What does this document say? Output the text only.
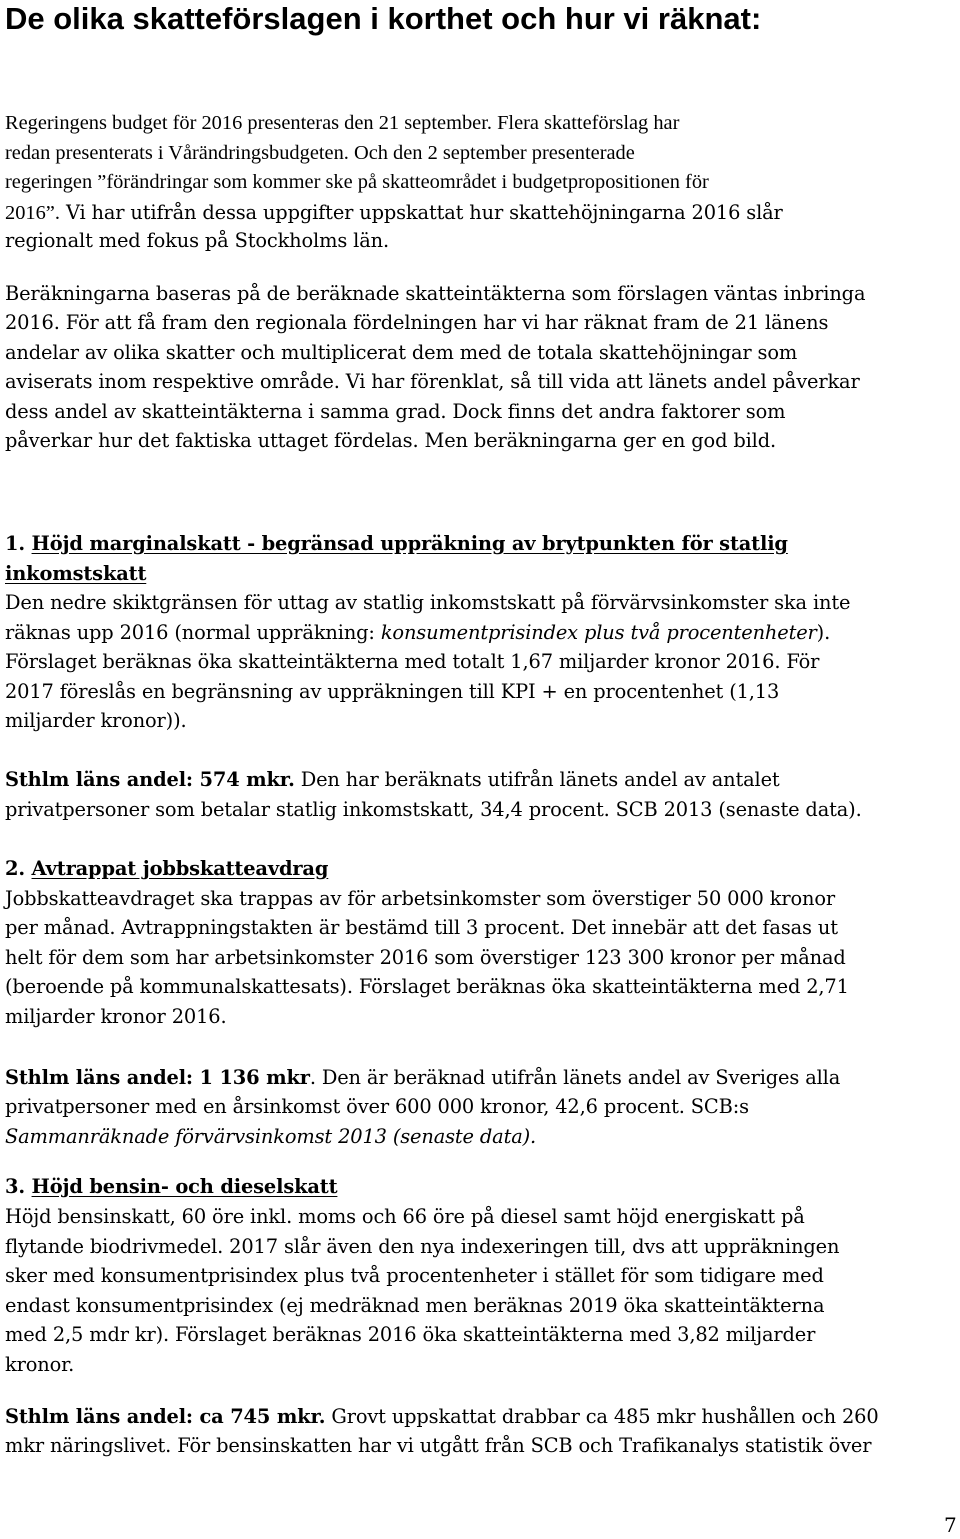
De olika skatteförslagen i korthet och hur vi räknat:
Regeringens budget för 2016 presenteras den 21 september. Flera skatteförslag har
redan presenterats i Vårändringsbudgeten. Och den 2 september presenterade
regeringen ”förändringar som kommer ske på skatteområdet i budgetpropositionen för
2016”. Vi har utifrån dessa uppgifter uppskattat hur skattehöjningarna 2016 slår
regionalt med fokus på Stockholms län.
Beräkningarna baseras på de beräknade skatteintäkterna som förslagen väntas inbringa
2016. För att få fram den regionala fördelningen har vi har räknat fram de 21 länens
andelar av olika skatter och multiplicerat dem med de totala skattehöjningar som
aviserats inom respektive område. Vi har förenklat, så till vida att länets andel påverkar
dess andel av skatteintäkterna i samma grad. Dock finns det andra faktorer som
påverkar hur det faktiska uttaget fördelas. Men beräkningarna ger en god bild.
1. Höjd marginalskatt - begränsad uppräkning av brytpunkten för statlig
inkomstskatt
Den nedre skiktgränsen för uttag av statlig inkomstskatt på förvärvsinkomster ska inte
räknas upp 2016 (normal uppräkning: konsumentprisindex plus två procentenheter).
Förslaget beräknas öka skatteintäkterna med totalt 1,67 miljarder kronor 2016. För
2017 föreslås en begränsning av uppräkningen till KPI + en procentenhet (1,13
miljarder kronor)).
Sthlm läns andel: 574 mkr. Den har beräknats utifrån länets andel av antalet
privatpersoner som betalar statlig inkomstskatt, 34,4 procent. SCB 2013 (senaste data).
2. Avtrappat jobbskatteavdrag
Jobbskatteavdraget ska trappas av för arbetsinkomster som överstiger 50 000 kronor
per månad. Avtrappningstakten är bestämd till 3 procent. Det innebär att det fasas ut
helt för dem som har arbetsinkomster 2016 som överstiger 123 300 kronor per månad
(beroende på kommunalskattesats). Förslaget beräknas öka skatteintäkterna med 2,71
miljarder kronor 2016.
Sthlm läns andel: 1 136 mkr. Den är beräknad utifrån länets andel av Sveriges alla
privatpersoner med en årsinkomst över 600 000 kronor, 42,6 procent. SCB:s
Sammanräknade förvärvsinkomst 2013 (senaste data).
3. Höjd bensin- och dieselskatt
Höjd bensinskatt, 60 öre inkl. moms och 66 öre på diesel samt höjd energiskatt på
flytande biodrivmedel. 2017 slår även den nya indexeringen till, dvs att uppräkningen
sker med konsumentprisindex plus två procentenheter i stället för som tidigare med
endast konsumentprisindex (ej medräknad men beräknas 2019 öka skatteintäkterna
med 2,5 mdr kr). Förslaget beräknas 2016 öka skatteintäkterna med 3,82 miljarder
kronor.
Sthlm läns andel: ca 745 mkr. Grovt uppskattat drabbar ca 485 mkr hushållen och 260
mkr näringslivet. För bensinskatten har vi utgått från SCB och Trafikanalys statistik över
7
